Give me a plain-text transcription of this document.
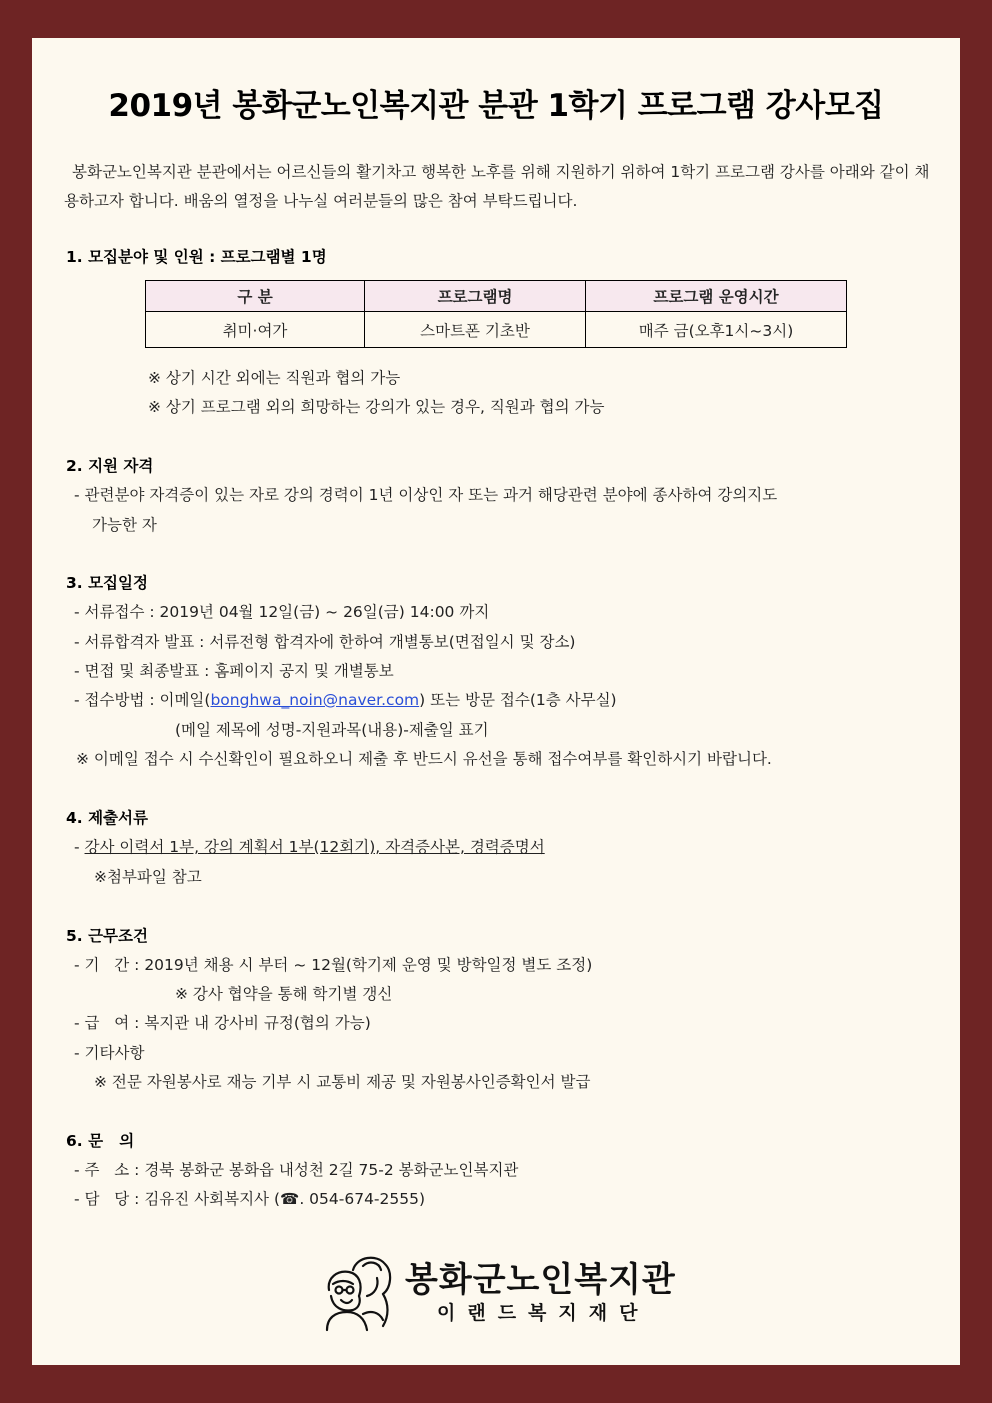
2019년 봉화군노인복지관 분관 1학기 프로그램 강사모집
봉화군노인복지관 분관에서는 어르신들의 활기차고 행복한 노후를 위해 지원하기 위하여 1학기 프로그램 강사를 아래와 같이 채용하고자 합니다. 배움의 열정을 나누실 여러분들의 많은 참여 부탁드립니다.
1. 모집분야 및 인원 : 프로그램별 1명
구 분	프로그램명	프로그램 운영시간
취미·여가	스마트폰 기초반	매주 금(오후1시~3시)
※ 상기 시간 외에는 직원과 협의 가능
※ 상기 프로그램 외의 희망하는 강의가 있는 경우, 직원과 협의 가능
2. 지원 자격
- 관련분야 자격증이 있는 자로 강의 경력이 1년 이상인 자 또는 과거 해당관련 분야에 종사하여 강의지도
가능한 자
3. 모집일정
- 서류접수 : 2019년 04월 12일(금) ~ 26일(금) 14:00 까지
- 서류합격자 발표 : 서류전형 합격자에 한하여 개별통보(면접일시 및 장소)
- 면접 및 최종발표 : 홈페이지 공지 및 개별통보
- 접수방법 : 이메일(bonghwa_noin@naver.com) 또는 방문 접수(1층 사무실)
(메일 제목에 성명-지원과목(내용)-제출일 표기
※ 이메일 접수 시 수신확인이 필요하오니 제출 후 반드시 유선을 통해 접수여부를 확인하시기 바랍니다.
4. 제출서류
- 강사 이력서 1부, 강의 계획서 1부(12회기), 자격증사본, 경력증명서
※첨부파일 참고
5. 근무조건
- 기   간 : 2019년 채용 시 부터 ~ 12월(학기제 운영 및 방학일정 별도 조정)
※ 강사 협약을 통해 학기별 갱신
- 급   여 : 복지관 내 강사비 규정(협의 가능)
- 기타사항
※ 전문 자원봉사로 재능 기부 시 교통비 제공 및 자원봉사인증확인서 발급
6. 문   의
- 주   소 : 경북 봉화군 봉화읍 내성천 2길 75-2 봉화군노인복지관
- 담   당 : 김유진 사회복지사 (☎. 054-674-2555)
봉화군노인복지관
이랜드복지재단
